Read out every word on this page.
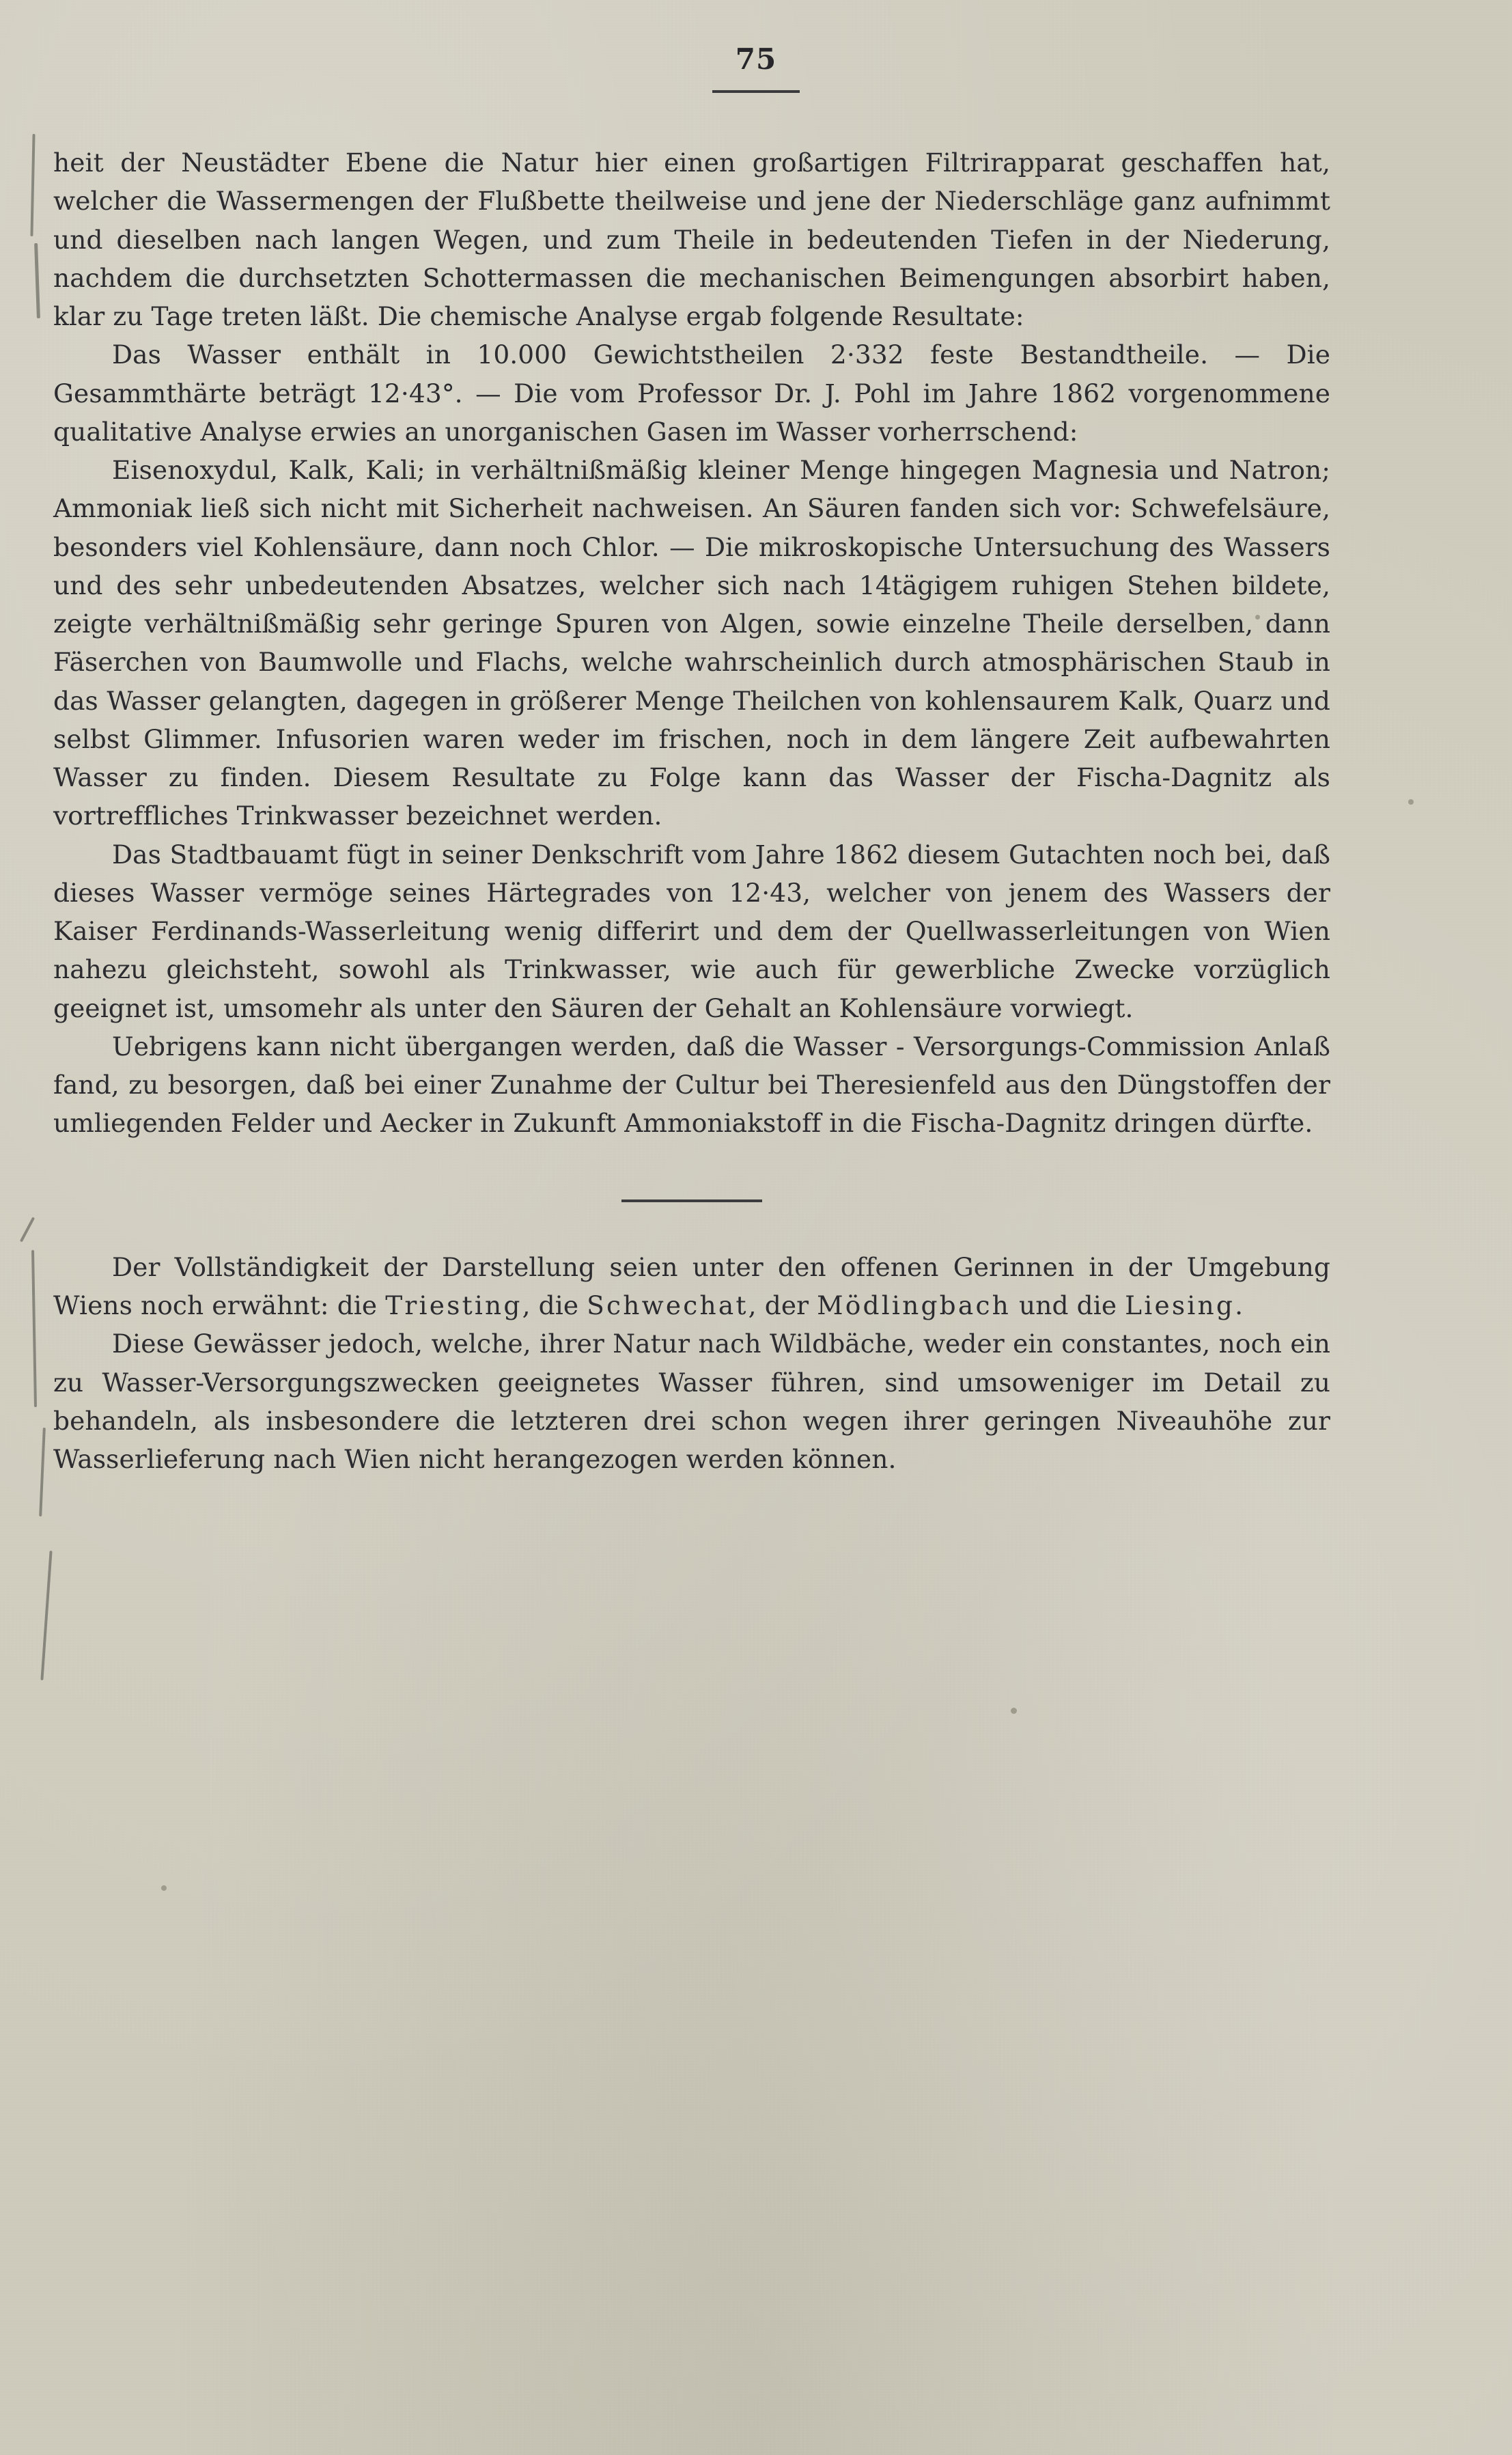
75

heit der Neustädter Ebene die Natur hier einen großartigen Filtrirapparat geschaffen hat, welcher die Wassermengen der Flußbette theilweise und jene der Niederschläge ganz aufnimmt und dieselben nach langen Wegen, und zum Theile in bedeutenden Tiefen in der Niederung, nachdem die durchsetzten Schottermassen die mechanischen Beimengungen absorbirt haben, klar zu Tage treten läßt. Die chemische Analyse ergab folgende Resultate:

Das Wasser enthält in 10.000 Gewichtstheilen 2·332 feste Bestandtheile. — Die Gesammthärte beträgt 12·43°. — Die vom Professor Dr. J. Pohl im Jahre 1862 vorgenommene qualitative Analyse erwies an unorganischen Gasen im Wasser vorherrschend:

Eisenoxydul, Kalk, Kali; in verhältnißmäßig kleiner Menge hingegen Magnesia und Natron; Ammoniak ließ sich nicht mit Sicherheit nachweisen. An Säuren fanden sich vor: Schwefelsäure, besonders viel Kohlensäure, dann noch Chlor. — Die mikroskopische Untersuchung des Wassers und des sehr unbedeutenden Absatzes, welcher sich nach 14tägigem ruhigen Stehen bildete, zeigte verhältnißmäßig sehr geringe Spuren von Algen, sowie einzelne Theile derselben, dann Fäserchen von Baumwolle und Flachs, welche wahrscheinlich durch atmosphärischen Staub in das Wasser gelangten, dagegen in größerer Menge Theilchen von kohlensaurem Kalk, Quarz und selbst Glimmer. Infusorien waren weder im frischen, noch in dem längere Zeit aufbewahrten Wasser zu finden. Diesem Resultate zu Folge kann das Wasser der Fischa-Dagnitz als vortreffliches Trinkwasser bezeichnet werden.

Das Stadtbauamt fügt in seiner Denkschrift vom Jahre 1862 diesem Gutachten noch bei, daß dieses Wasser vermöge seines Härtegrades von 12·43, welcher von jenem des Wassers der Kaiser Ferdinands-Wasserleitung wenig differirt und dem der Quellwasserleitungen von Wien nahezu gleichsteht, sowohl als Trinkwasser, wie auch für gewerbliche Zwecke vorzüglich geeignet ist, umsomehr als unter den Säuren der Gehalt an Kohlensäure vorwiegt.

Uebrigens kann nicht übergangen werden, daß die Wasser - Versorgungs-Commission Anlaß fand, zu besorgen, daß bei einer Zunahme der Cultur bei Theresienfeld aus den Düngstoffen der umliegenden Felder und Aecker in Zukunft Ammoniakstoff in die Fischa-Dagnitz dringen dürfte.

Der Vollständigkeit der Darstellung seien unter den offenen Gerinnen in der Umgebung Wiens noch erwähnt: die Triesting, die Schwechat, der Mödlingbach und die Liesing.

Diese Gewässer jedoch, welche, ihrer Natur nach Wildbäche, weder ein constantes, noch ein zu Wasser-Versorgungszwecken geeignetes Wasser führen, sind umsoweniger im Detail zu behandeln, als insbesondere die letzteren drei schon wegen ihrer geringen Niveauhöhe zur Wasserlieferung nach Wien nicht herangezogen werden können.
